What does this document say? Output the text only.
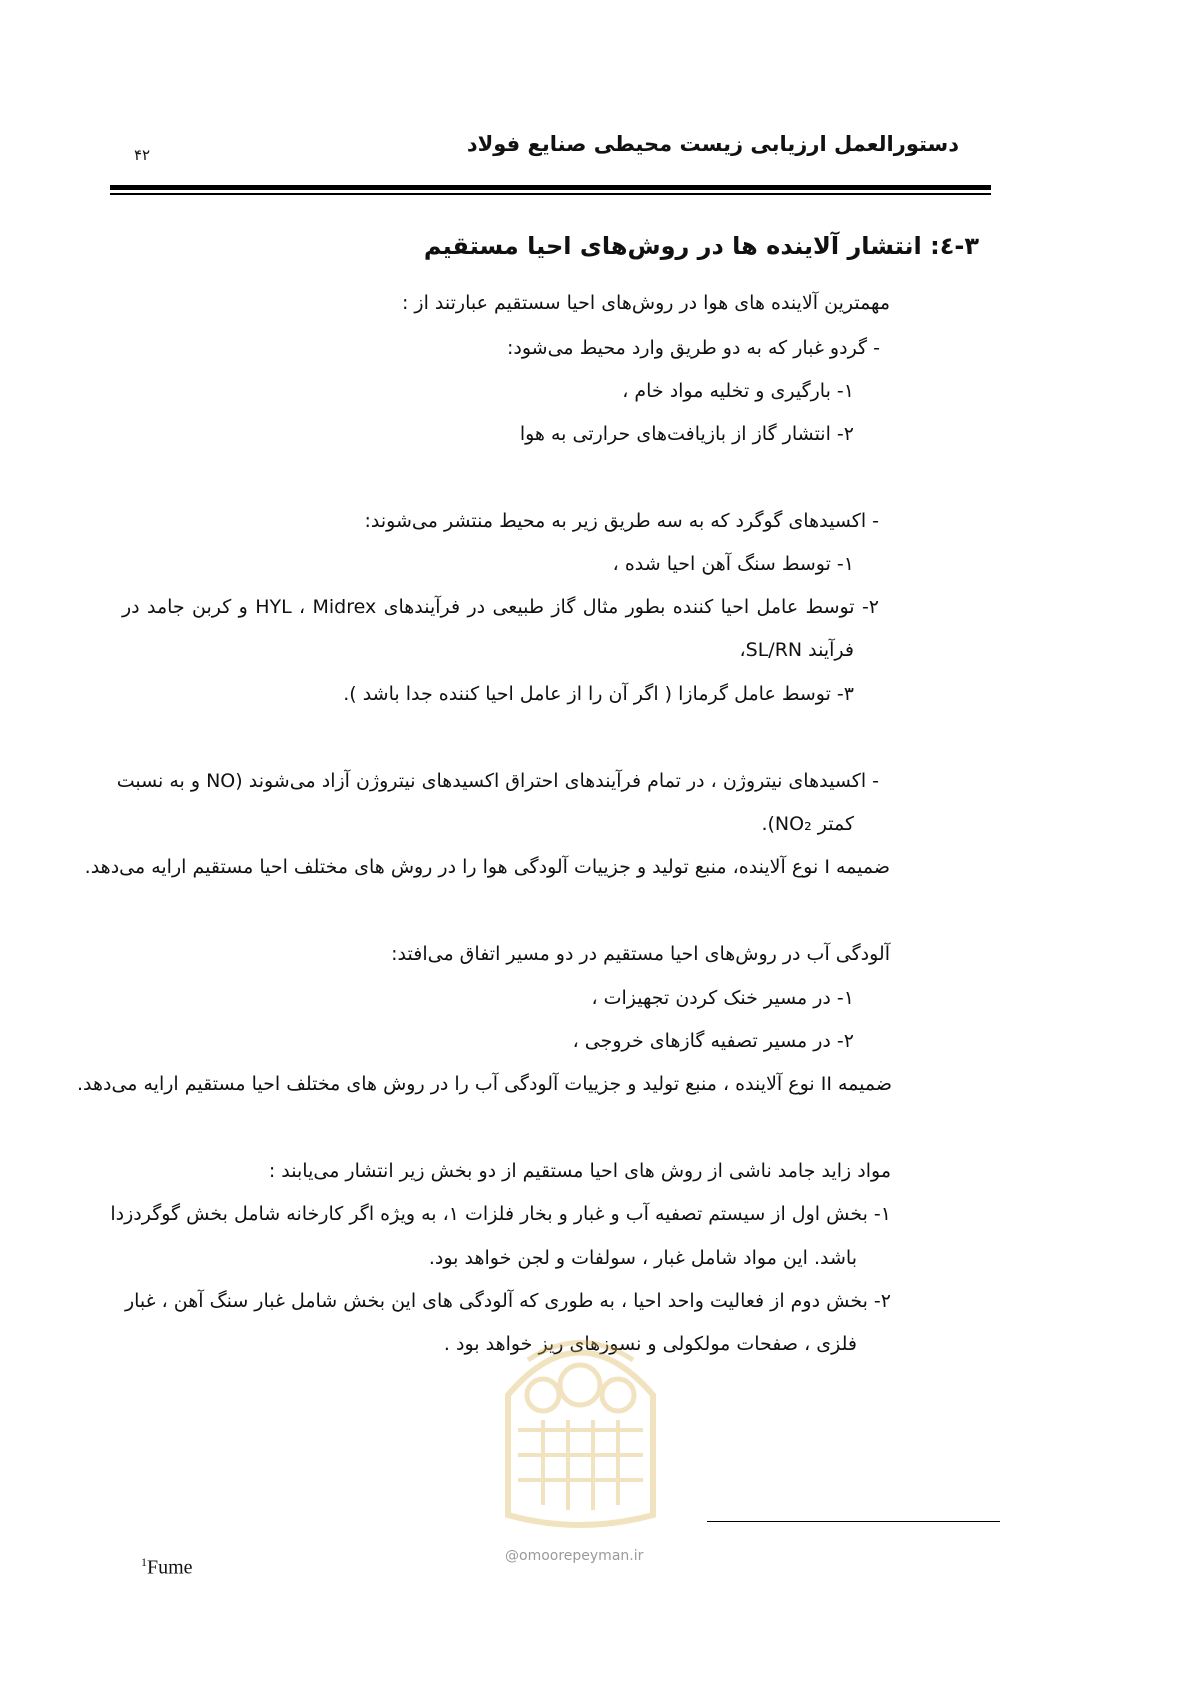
دستورالعمل ارزیابی زیست محیطی صنایع فولاد
۴۲
۳-٤: انتشار آلاینده ها در روش‌های احیا مستقیم
مهمترین آلاینده های هوا در روش‌های احیا سستقیم عبارتند از :
- گردو غبار که به دو طریق وارد محیط می‌شود:
۱- بارگیری و تخلیه مواد خام ،
۲- انتشار گاز از بازیافت‌های حرارتی به هوا
- اکسیدهای گوگرد که به سه طریق زیر به محیط منتشر می‌شوند:
۱- توسط سنگ آهن احیا شده ،
۲- توسط عامل احیا کننده بطور مثال گاز طبیعی در فرآیندهای HYL ، Midrex و کربن جامد در
فرآیند SL/RN،
۳- توسط عامل گرمازا ( اگر آن را از عامل احیا کننده جدا باشد ).
- اکسیدهای نیتروژن ، در تمام فرآیندهای احتراق اکسیدهای نیتروژن آزاد می‌شوند (NO و به نسبت
کمتر NO₂).
ضمیمه I نوع آلاینده، منبع تولید و جزییات آلودگی هوا را در روش های مختلف احیا مستقیم ارایه می‌دهد.
آلودگی آب در روش‌های احیا مستقیم در دو مسیر اتفاق می‌افتد:
۱- در مسیر خنک کردن تجهیزات ،
۲- در مسیر تصفیه گازهای خروجی ،
ضمیمه II نوع آلاینده ، منبع تولید و جزییات آلودگی آب را در روش های مختلف احیا مستقیم ارایه می‌دهد.
مواد زاید جامد ناشی از روش های احیا مستقیم از دو بخش زیر انتشار می‌یابند :
۱- بخش اول از سیستم تصفیه آب و غبار و بخار فلزات ۱، به ویژه اگر کارخانه شامل بخش گوگردزدا
باشد. این مواد شامل غبار ، سولفات و لجن خواهد بود.
۲- بخش دوم از فعالیت واحد احیا ، به طوری که آلودگی های این بخش شامل غبار سنگ آهن ، غبار
فلزی ، صفحات مولکولی و نسوزهای ریز خواهد بود .
$^1$Fume
@omoorepeyman.ir
